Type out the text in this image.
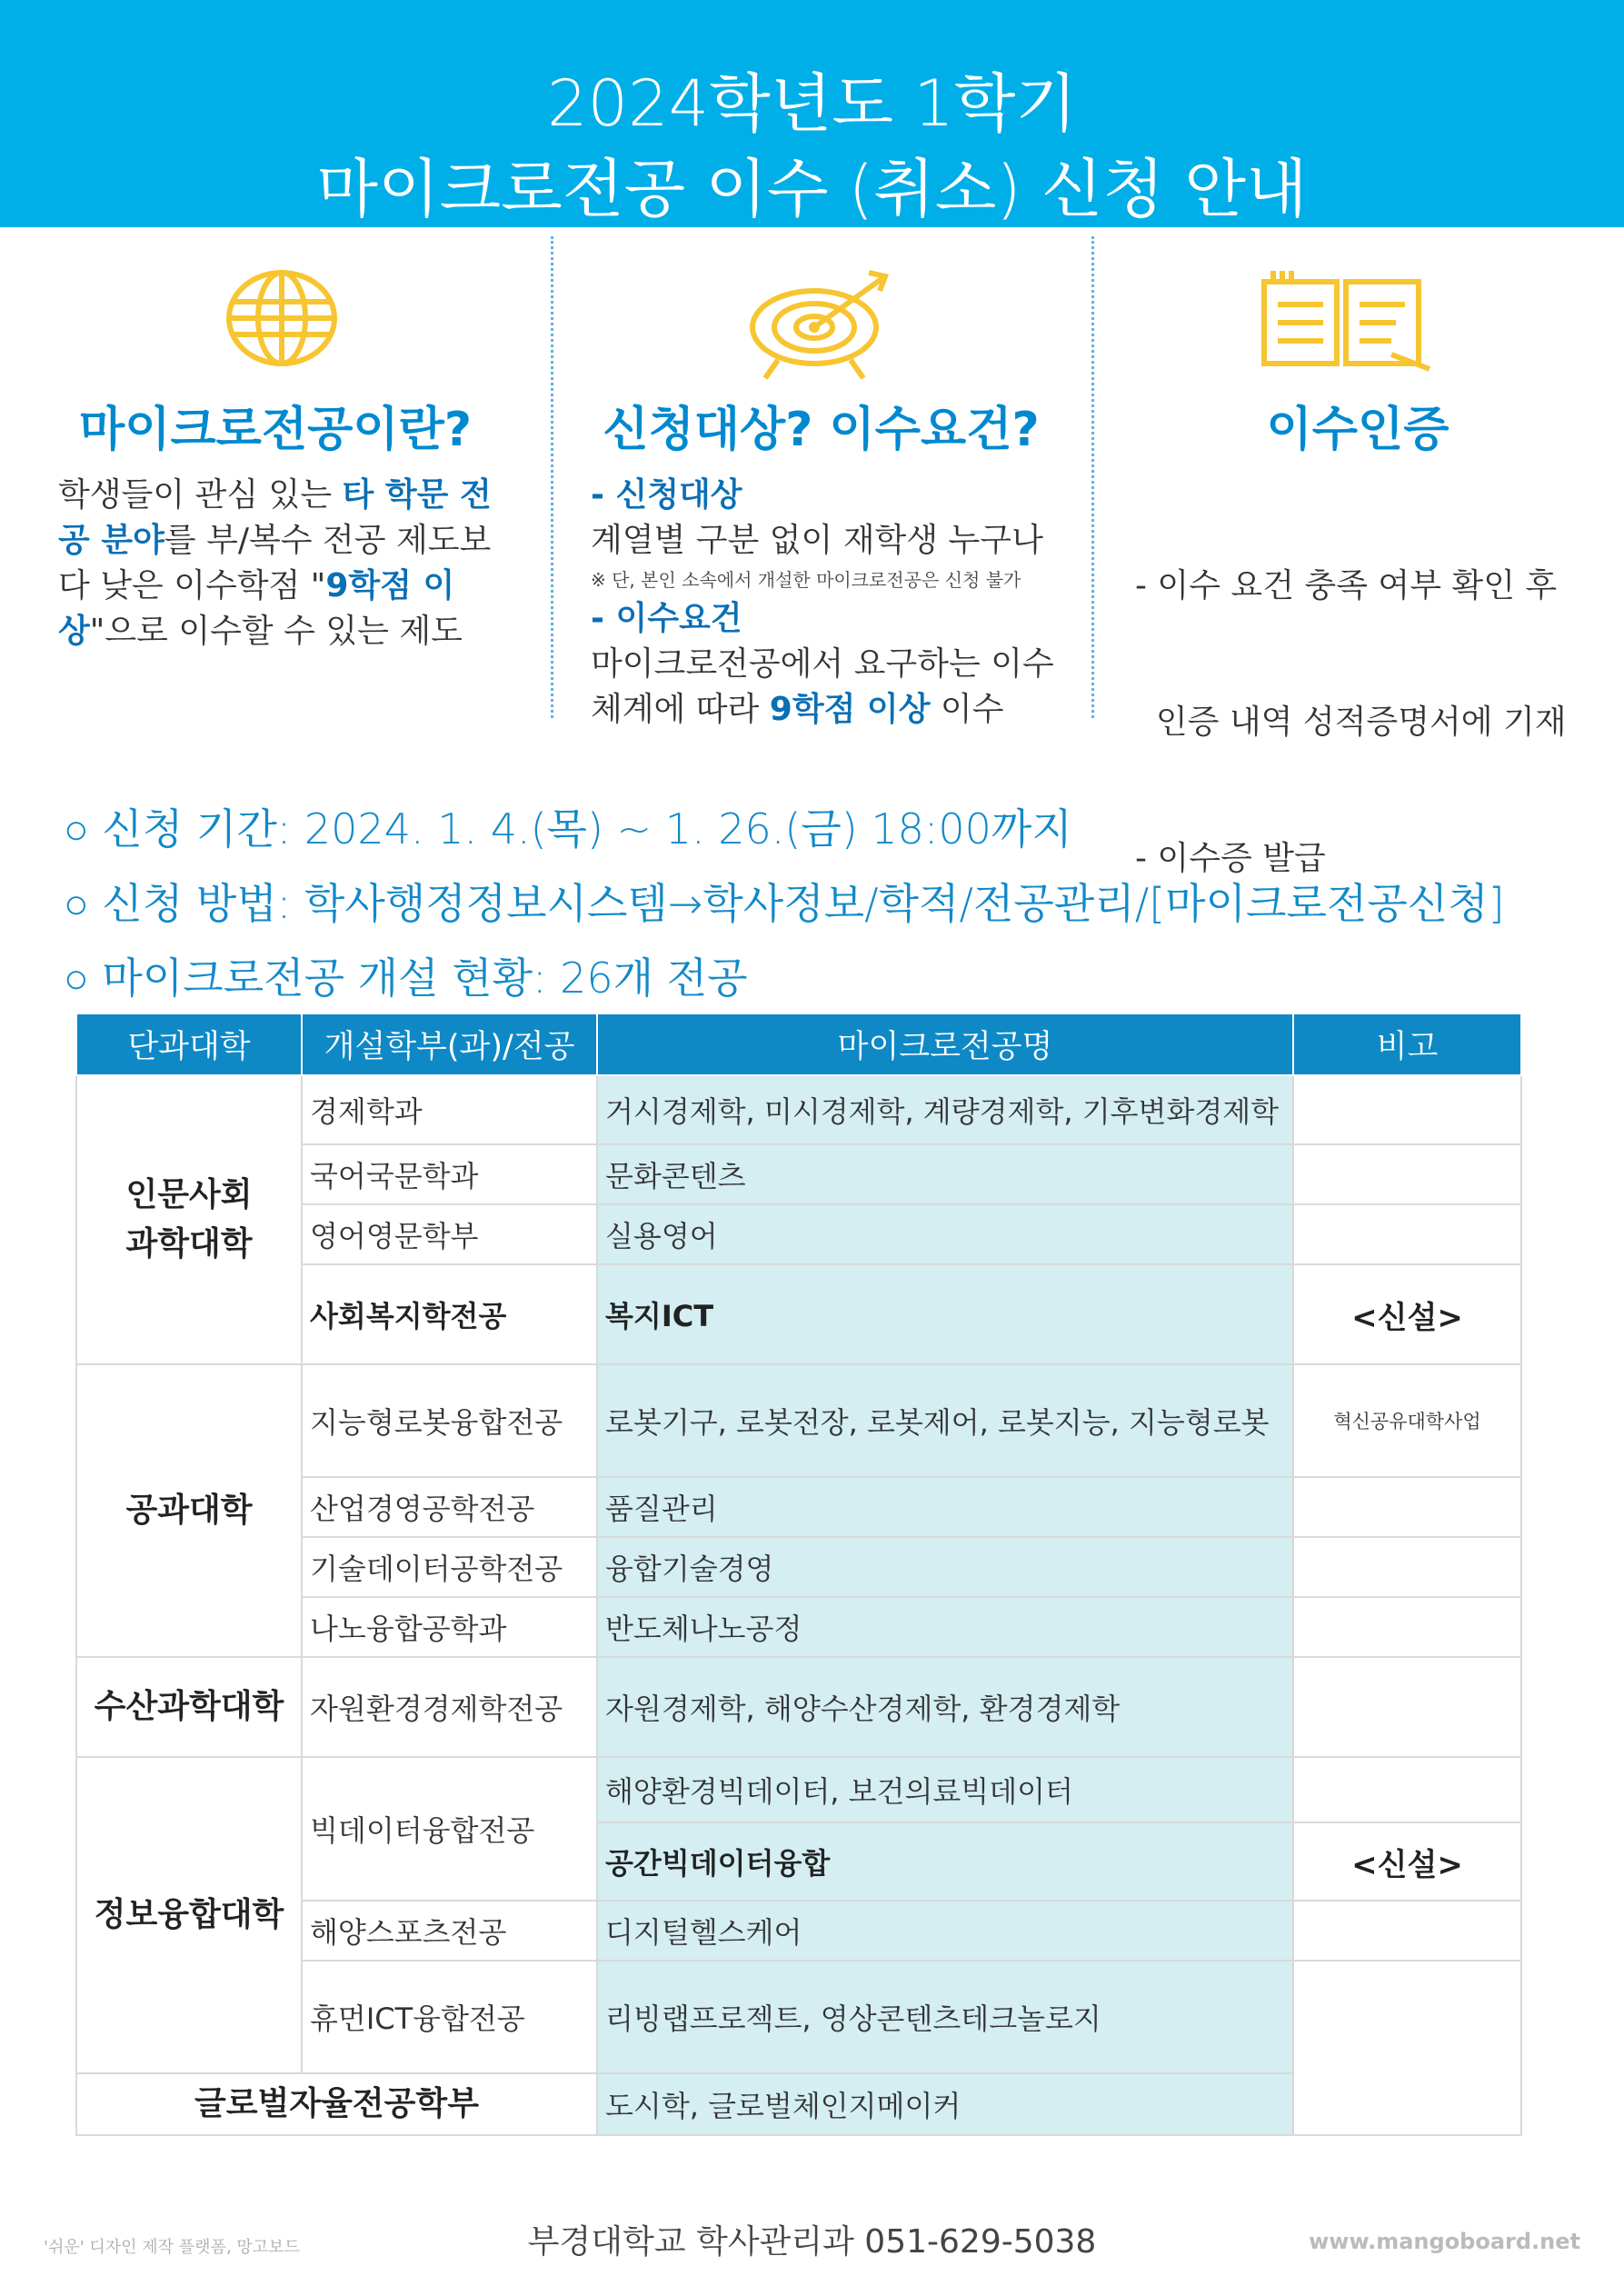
2024학년도 1학기
마이크로전공 이수 (취소) 신청 안내
마이크로전공이란?
학생들이 관심 있는 타 학문 전공 분야를 부/복수 전공 제도보다 낮은 이수학점 "9학점 이상"으로 이수할 수 있는 제도
신청대상? 이수요건?
- 신청대상
계열별 구분 없이 재학생 누구나
※ 단, 본인 소속에서 개설한 마이크로전공은 신청 불가
- 이수요건
마이크로전공에서 요구하는 이수 체계에 따라 9학점 이상 이수
이수인증

- 이수 요건 충족 여부 확인 후

인증 내역 성적증명서에 기재

- 이수증 발급

○ 신청 기간: 2024. 1. 4.(목) ~ 1. 26.(금) 18:00까지
○ 신청 방법: 학사행정정보시스템→학사정보/학적/전공관리/[마이크로전공신청]
○ 마이크로전공 개설 현황: 26개 전공
단과대학	개설학부(과)/전공	마이크로전공명	비고
인문사회
과학대학	경제학과	거시경제학, 미시경제학, 계량경제학, 기후변화경제학	
	국어국문학과	문화콘텐츠	
	영어영문학부	실용영어	
	사회복지학전공	복지ICT	<신설>
공과대학	지능형로봇융합전공	로봇기구, 로봇전장, 로봇제어, 로봇지능, 지능형로봇	혁신공유대학사업
	산업경영공학전공	품질관리	
	기술데이터공학전공	융합기술경영	
	나노융합공학과	반도체나노공정	
수산과학대학	자원환경경제학전공	자원경제학, 해양수산경제학, 환경경제학	
정보융합대학	빅데이터융합전공	해양환경빅데이터, 보건의료빅데이터	
		공간빅데이터융합	<신설>
	해양스포츠전공	디지털헬스케어	
	휴먼ICT융합전공	리빙랩프로젝트, 영상콘텐츠테크놀로지	
글로벌자율전공학부		도시학, 글로벌체인지메이커	
부경대학교 학사관리과 051-629-5038
'쉬운' 디자인 제작 플랫폼, 망고보드	www.mangoboard.net
